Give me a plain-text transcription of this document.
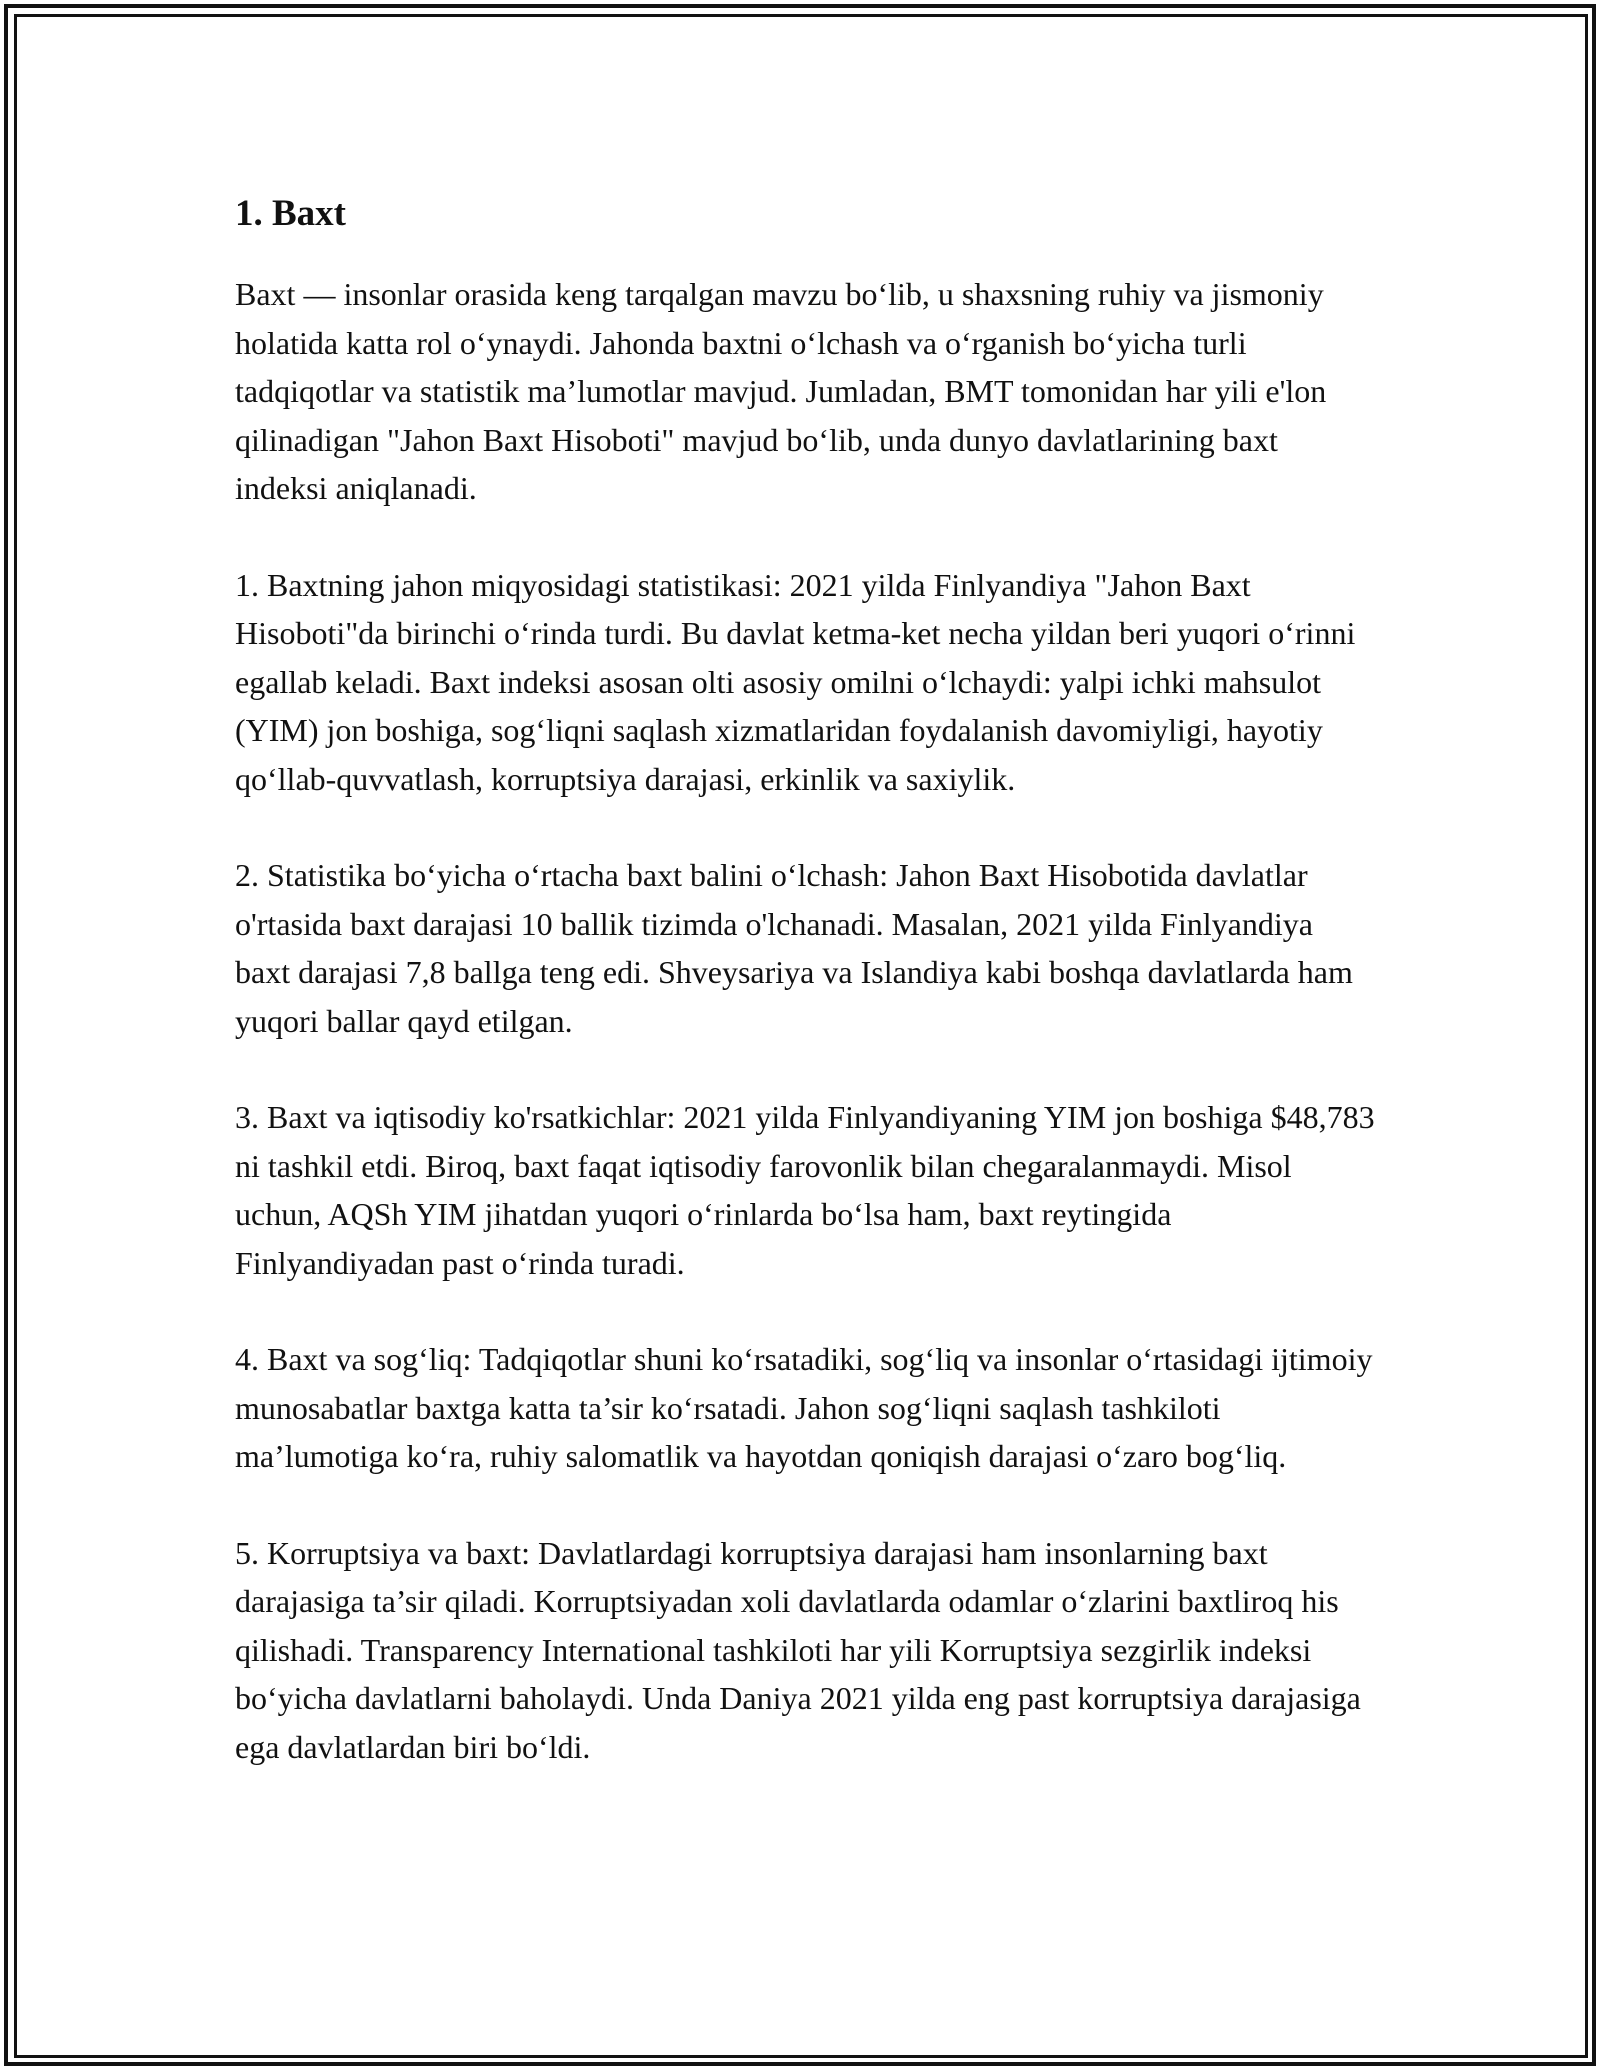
1. Baxt

Baxt — insonlar orasida keng tarqalgan mavzu bo‘lib, u shaxsning ruhiy va jismoniy holatida katta rol o‘ynaydi. Jahonda baxtni o‘lchash va o‘rganish bo‘yicha turli tadqiqotlar va statistik ma’lumotlar mavjud. Jumladan, BMT tomonidan har yili e'lon qilinadigan "Jahon Baxt Hisoboti" mavjud bo‘lib, unda dunyo davlatlarining baxt indeksi aniqlanadi.

1. Baxtning jahon miqyosidagi statistikasi: 2021 yilda Finlyandiya "Jahon Baxt Hisoboti"da birinchi o‘rinda turdi. Bu davlat ketma-ket necha yildan beri yuqori o‘rinni egallab keladi. Baxt indeksi asosan olti asosiy omilni o‘lchaydi: yalpi ichki mahsulot (YIM) jon boshiga, sog‘liqni saqlash xizmatlaridan foydalanish davomiyligi, hayotiy qo‘llab-quvvatlash, korruptsiya darajasi, erkinlik va saxiylik.

2. Statistika bo‘yicha o‘rtacha baxt balini o‘lchash: Jahon Baxt Hisobotida davlatlar o'rtasida baxt darajasi 10 ballik tizimda o'lchanadi. Masalan, 2021 yilda Finlyandiya baxt darajasi 7,8 ballga teng edi. Shveysariya va Islandiya kabi boshqa davlatlarda ham yuqori ballar qayd etilgan.

3. Baxt va iqtisodiy ko'rsatkichlar: 2021 yilda Finlyandiyaning YIM jon boshiga $48,783 ni tashkil etdi. Biroq, baxt faqat iqtisodiy farovonlik bilan chegaralanmaydi. Misol uchun, AQSh YIM jihatdan yuqori o‘rinlarda bo‘lsa ham, baxt reytingida Finlyandiyadan past o‘rinda turadi.

4. Baxt va sog‘liq: Tadqiqotlar shuni ko‘rsatadiki, sog‘liq va insonlar o‘rtasidagi ijtimoiy munosabatlar baxtga katta ta’sir ko‘rsatadi. Jahon sog‘liqni saqlash tashkiloti ma’lumotiga ko‘ra, ruhiy salomatlik va hayotdan qoniqish darajasi o‘zaro bog‘liq.

5. Korruptsiya va baxt: Davlatlardagi korruptsiya darajasi ham insonlarning baxt darajasiga ta’sir qiladi. Korruptsiyadan xoli davlatlarda odamlar o‘zlarini baxtliroq his qilishadi. Transparency International tashkiloti har yili Korruptsiya sezgirlik indeksi bo‘yicha davlatlarni baholaydi. Unda Daniya 2021 yilda eng past korruptsiya darajasiga ega davlatlardan biri bo‘ldi.
